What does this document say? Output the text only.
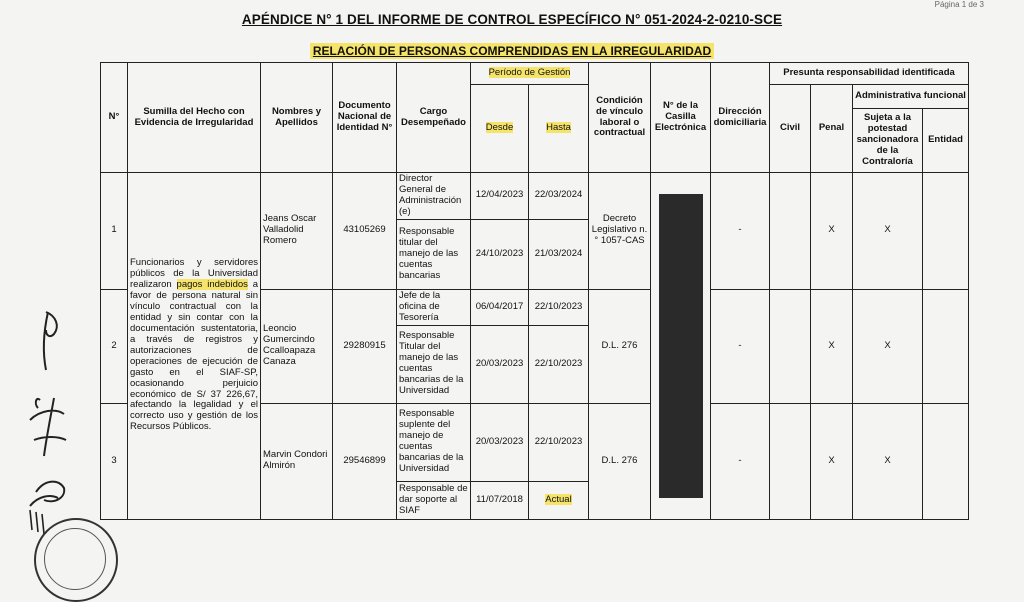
Página 1 de 3
APÉNDICE N° 1 DEL INFORME DE CONTROL ESPECÍFICO N° 051-2024-2-0210-SCE
RELACIÓN DE PERSONAS COMPRENDIDAS EN LA IRREGULARIDAD
N°	Sumilla del Hecho con Evidencia de Irregularidad	Nombres y Apellidos	Documento Nacional de Identidad N°	Cargo Desempeñado	Período de Gestión		Condición de vínculo laboral o contractual	N° de la Casilla Electrónica	Dirección domiciliaria	Presunta responsabilidad identificada			
					Desde	Hasta				Civil	Penal	Administrativa funcional	
												Sujeta a la potestad sancionadora de la Contraloría	Entidad
1	Funcionarios y servidores públicos de la Universidad realizaron pagos indebidos a favor de persona natural sin vínculo contractual con la entidad y sin contar con la documentación sustentatoria, a través de registros y autorizaciones de operaciones de ejecución de gasto en el SIAF-SP, ocasionando perjuicio económico de S/ 37 226,67, afectando la legalidad y el correcto uso y gestión de los Recursos Públicos.	Jeans Oscar Valladolid Romero	43105269	Director General de Administración (e)	12/04/2023	22/03/2024	Decreto Legislativo n.° 1057-CAS		-		X	X	
				Responsable titular del manejo de las cuentas bancarias	24/10/2023	21/03/2024							
2		Leoncio Gumercindo Ccalloapaza Canaza	29280915	Jefe de la oficina de Tesorería	06/04/2017	22/10/2023	D.L. 276		-		X	X	
				Responsable Titular del manejo de las cuentas bancarias de la Universidad	20/03/2023	22/10/2023							
3		Marvin Condori Almirón	29546899	Responsable suplente del manejo de cuentas bancarias de la Universidad	20/03/2023	22/10/2023	D.L. 276		-		X	X	
				Responsable de dar soporte al SIAF	11/07/2018	Actual							
